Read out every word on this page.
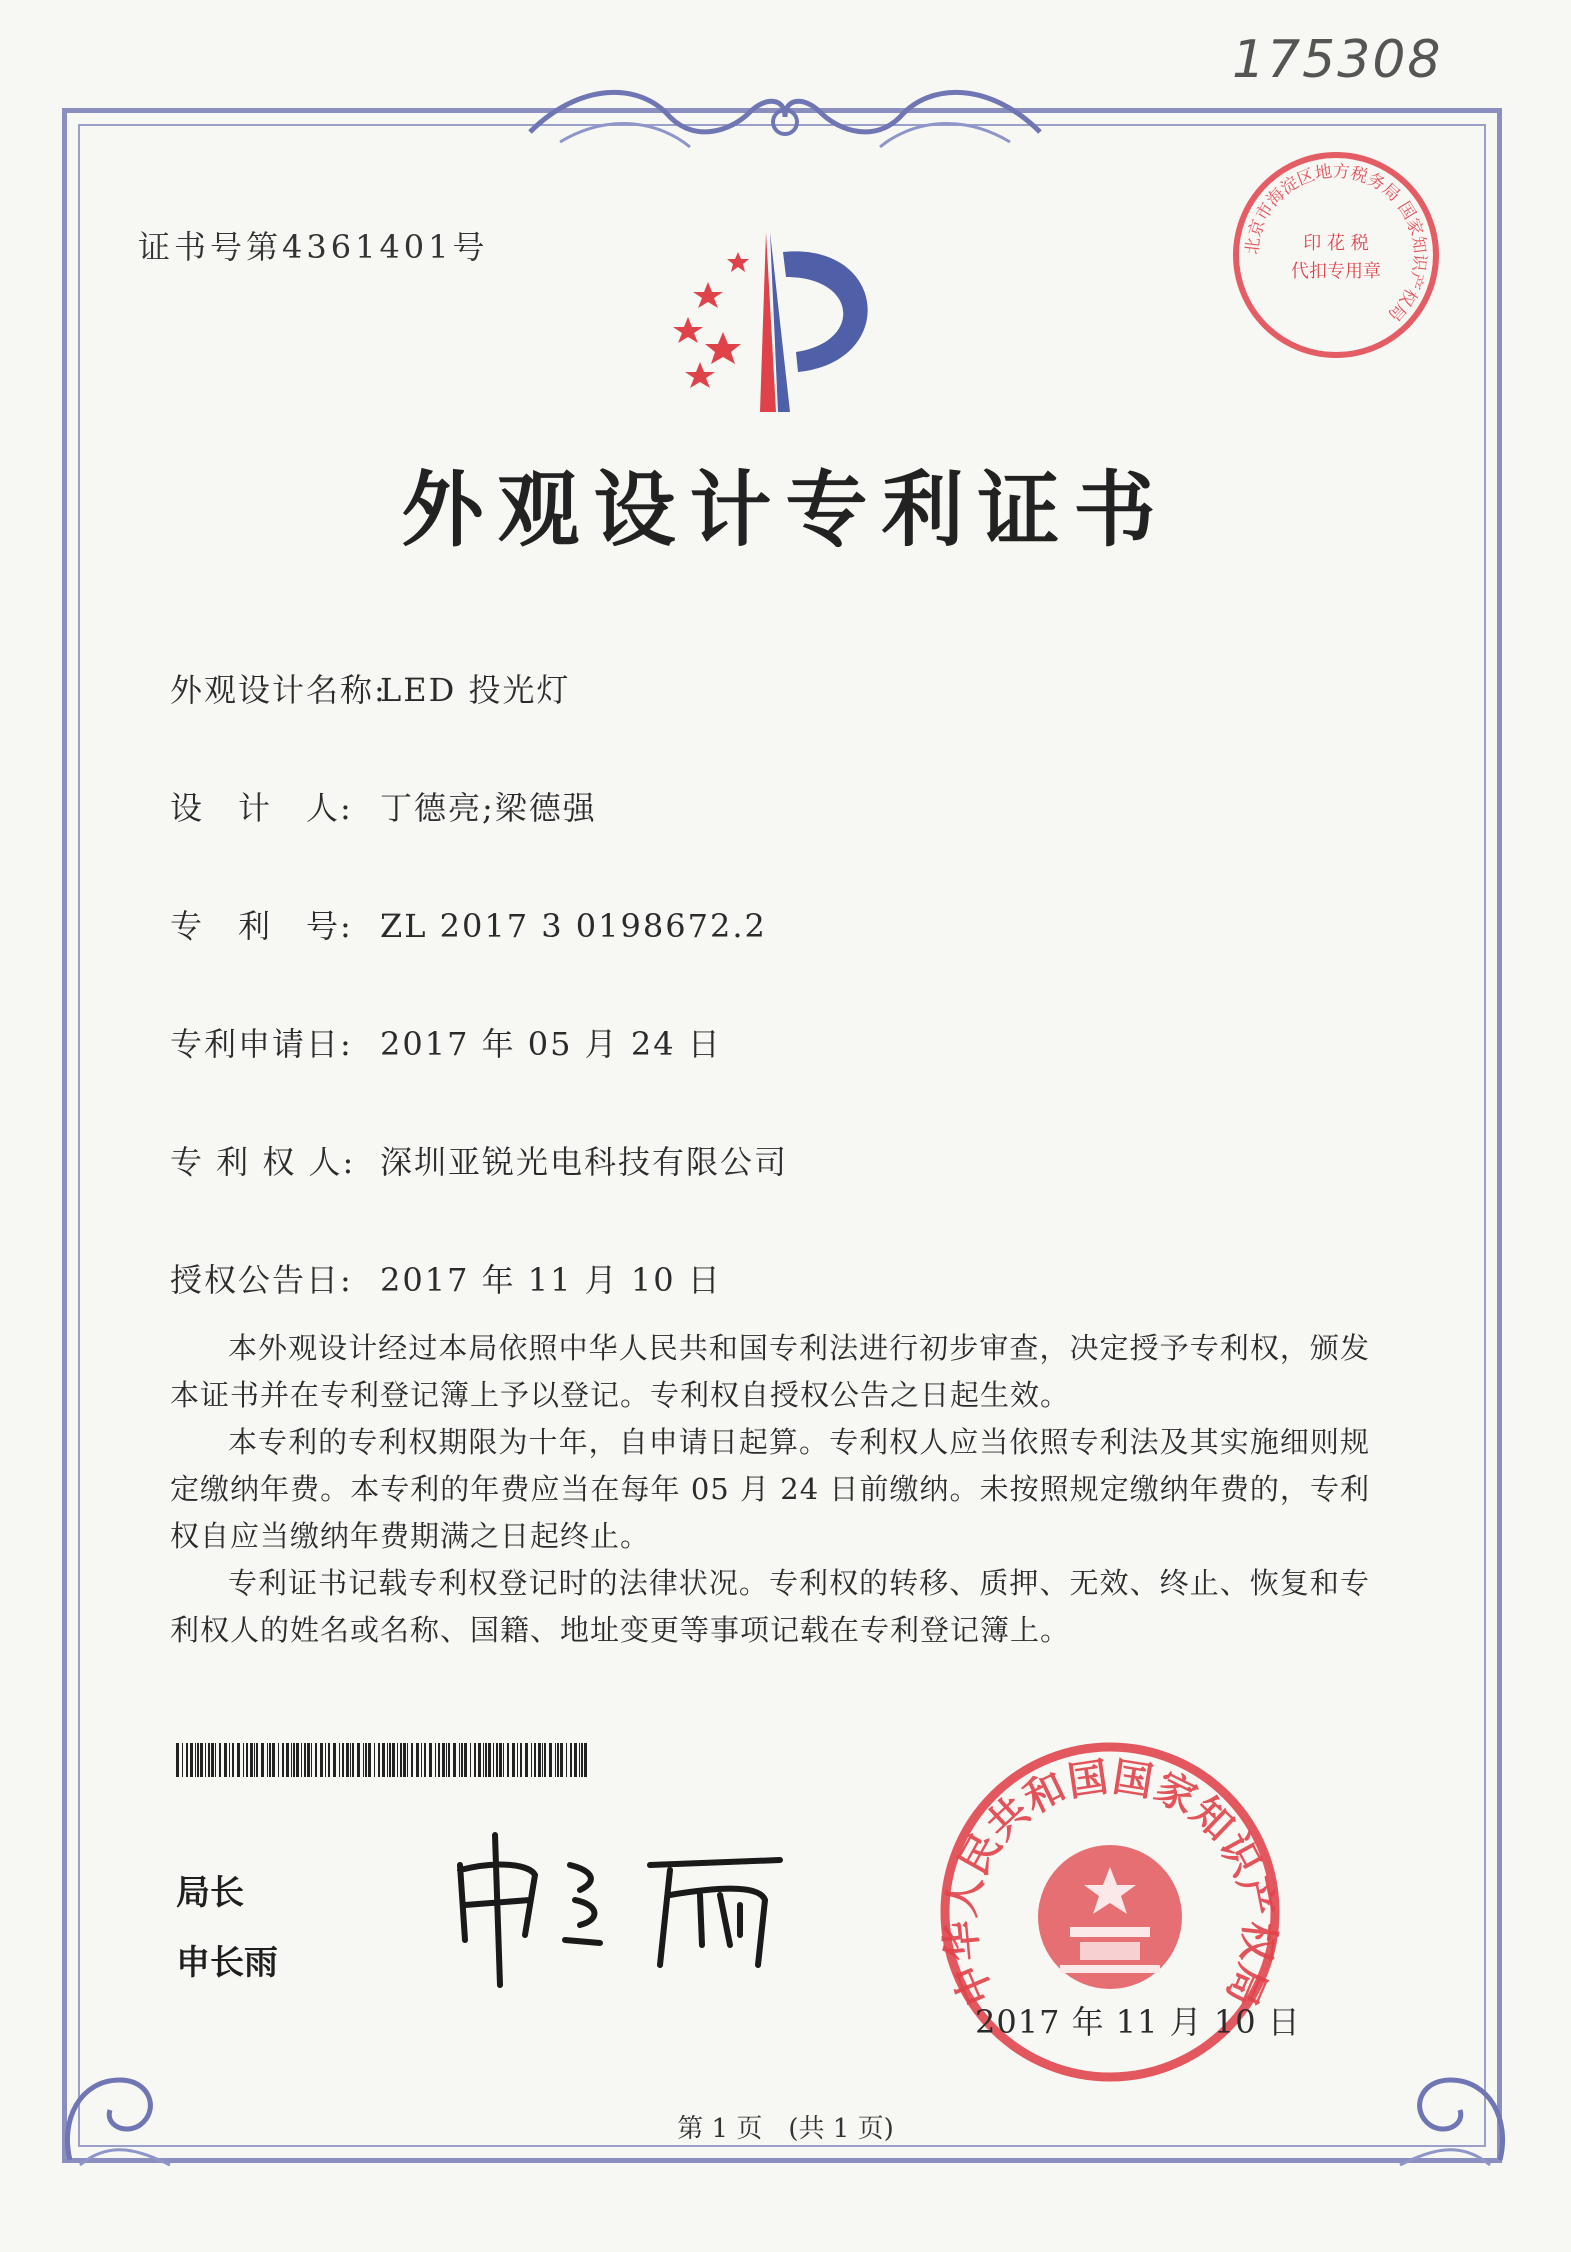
175308
证书号第4361401号	北京市海淀区地方税务局 国家知识产权局
印 花 税
代扣专用章
外观设计专利证书
外观设计名称:LED 投光灯
设　计　人: 丁德亮;梁德强
专　利　号: ZL 2017 3 0198672.2
专利申请日: 2017 年 05 月 24 日
专 利 权 人: 深圳亚锐光电科技有限公司
授权公告日: 2017 年 11 月 10 日

本外观设计经过本局依照中华人民共和国专利法进行初步审查，决定授予专利权，颁发本证书并在专利登记簿上予以登记。专利权自授权公告之日起生效。

本专利的专利权期限为十年，自申请日起算。专利权人应当依照专利法及其实施细则规定缴纳年费。本专利的年费应当在每年 05 月 24 日前缴纳。未按照规定缴纳年费的，专利权自应当缴纳年费期满之日起终止。

专利证书记载专利权登记时的法律状况。专利权的转移、质押、无效、终止、恢复和专利权人的姓名或名称、国籍、地址变更等事项记载在专利登记簿上。

局长
申长雨	中华人民共和国国家知识产权局
2017 年 11 月 10 日
第 1 页　(共 1 页)
